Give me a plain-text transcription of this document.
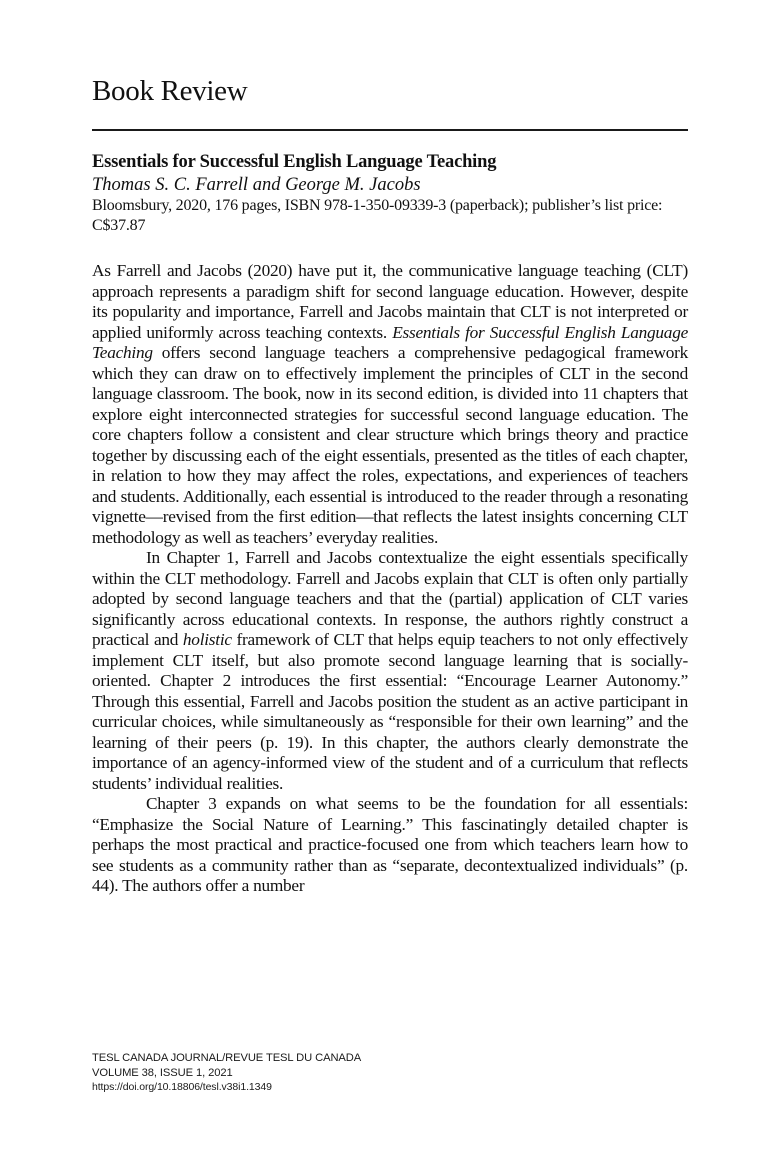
Book Review

Essentials for Successful English Language Teaching

Thomas S. C. Farrell and George M. Jacobs

Bloomsbury, 2020, 176 pages, ISBN 978-1-350-09339-3 (paperback); publisher’s list price: C$37.87

As Farrell and Jacobs (2020) have put it, the communicative language teaching (CLT) approach represents a paradigm shift for second language education. However, despite its popularity and importance, Farrell and Jacobs maintain that CLT is not interpreted or applied uniformly across teaching contexts. Essentials for Successful English Language Teaching offers second language teachers a comprehensive pedagogical framework which they can draw on to effectively implement the principles of CLT in the second language classroom. The book, now in its second edition, is divided into 11 chapters that explore eight interconnected strategies for successful second language education. The core chapters follow a consistent and clear structure which brings theory and practice together by discussing each of the eight essentials, presented as the titles of each chapter, in relation to how they may affect the roles, expectations, and experiences of teachers and students. Additionally, each essential is introduced to the reader through a resonating vignette—revised from the first edition—that reflects the latest insights concerning CLT methodology as well as teachers’ everyday realities.

In Chapter 1, Farrell and Jacobs contextualize the eight essentials specifically within the CLT methodology. Farrell and Jacobs explain that CLT is often only partially adopted by second language teachers and that the (partial) application of CLT varies significantly across educational contexts. In response, the authors rightly construct a practical and holistic framework of CLT that helps equip teachers to not only effectively implement CLT itself, but also promote second language learning that is socially-oriented. Chapter 2 introduces the first essential: “Encourage Learner Autonomy.” Through this essential, Farrell and Jacobs position the student as an active participant in curricular choices, while simultaneously as “responsible for their own learning” and the learning of their peers (p. 19). In this chapter, the authors clearly demonstrate the importance of an agency-informed view of the student and of a curriculum that reflects students’ individual realities.

Chapter 3 expands on what seems to be the foundation for all essentials: “Emphasize the Social Nature of Learning.” This fascinatingly detailed chapter is perhaps the most practical and practice-focused one from which teachers learn how to see students as a community rather than as “separate, decontextualized individuals” (p. 44). The authors offer a number

TESL CANADA JOURNAL/REVUE TESL DU CANADA
VOLUME 38, ISSUE 1, 2021
https://doi.org/10.18806/tesl.v38i1.1349
